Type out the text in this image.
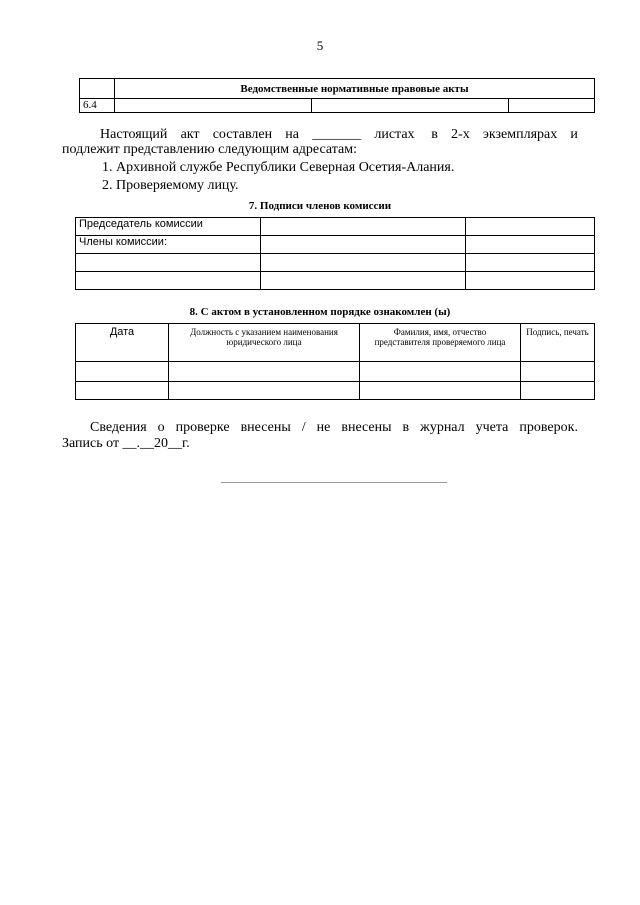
5
	Ведомственные нормативные правовые акты		
6.4			
Настоящий акт составлен на _______ листах в 2-х экземплярах и
подлежит представлению следующим адресатам:
1. Архивной службе Республики Северная Осетия-Алания.
2. Проверяемому лицу.
7. Подписи членов комиссии
Председатель комиссии		
Члены комиссии:		

8. С актом в установленном порядке ознакомлен (ы)
Дата	Должность с указанием наименования юридического лица	Фамилия, имя, отчество представителя проверяемого лица	Подпись, печать

Сведения о проверке внесены / не внесены в журнал учета проверок.
Запись от __.__20__г.
